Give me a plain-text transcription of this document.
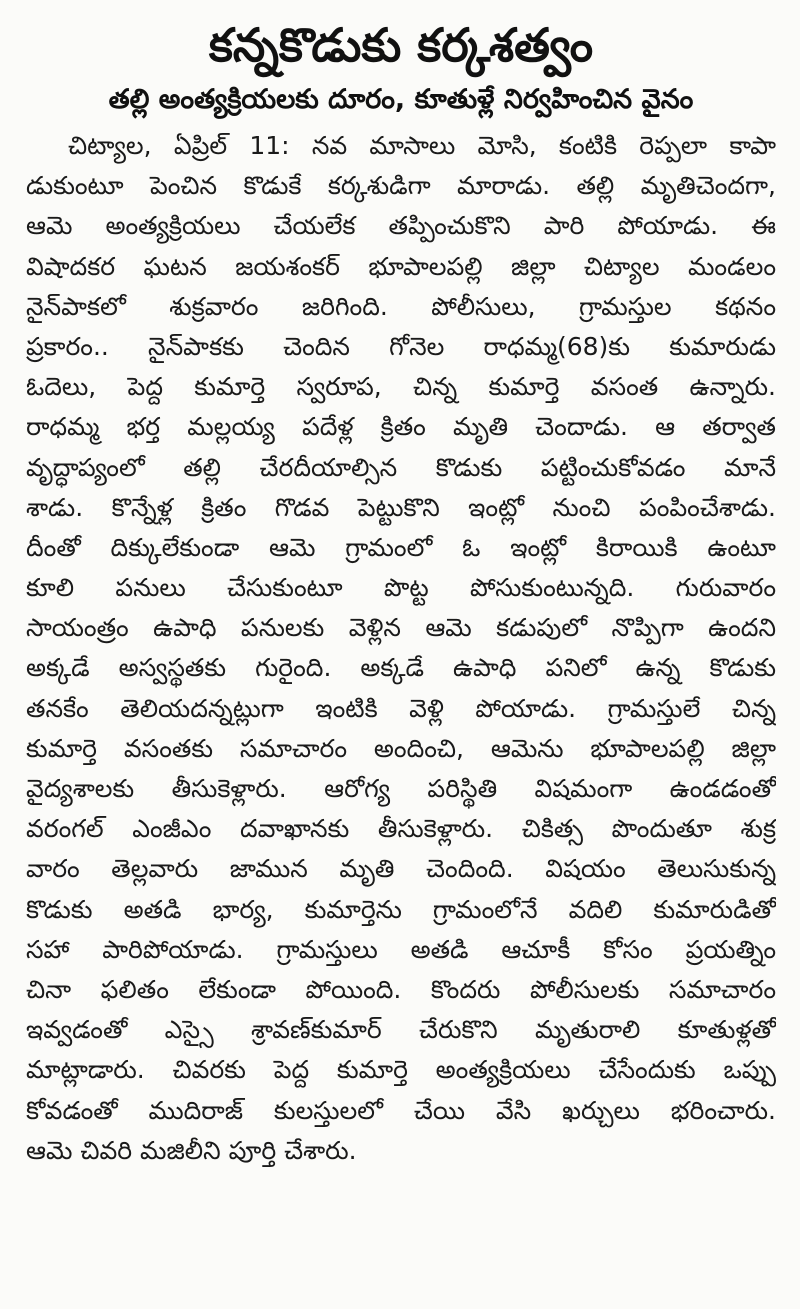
కన్నకొడుకు కర్కశత్వం
తల్లి అంత్యక్రియలకు దూరం, కూతుళ్లే నిర్వహించిన వైనం
చిట్యాల, ఏప్రిల్ 11: నవ మాసాలు మోసి, కంటికి రెప్పలా కాపా
డుకుంటూ పెంచిన కొడుకే కర్కశుడిగా మారాడు. తల్లి మృతిచెందగా,
ఆమె అంత్యక్రియలు చేయలేక తప్పించుకొని పారి పోయాడు. ఈ
విషాదకర ఘటన జయశంకర్ భూపాలపల్లి జిల్లా చిట్యాల మండలం
నైన్‌పాకలో శుక్రవారం జరిగింది. పోలీసులు, గ్రామస్తుల కథనం
ప్రకారం.. నైన్‌పాకకు చెందిన గోనెల రాధమ్మ(68)కు కుమారుడు
ఓదెలు, పెద్ద కుమార్తె స్వరూప, చిన్న కుమార్తె వసంత ఉన్నారు.
రాధమ్మ భర్త మల్లయ్య పదేళ్ల క్రితం మృతి చెందాడు. ఆ తర్వాత
వృద్ధాప్యంలో తల్లి చేరదీయాల్సిన కొడుకు పట్టించుకోవడం మానే
శాడు. కొన్నేళ్ల క్రితం గొడవ పెట్టుకొని ఇంట్లో నుంచి పంపించేశాడు.
దీంతో దిక్కులేకుండా ఆమె గ్రామంలో ఓ ఇంట్లో కిరాయికి ఉంటూ
కూలి పనులు చేసుకుంటూ పొట్ట పోసుకుంటున్నది. గురువారం
సాయంత్రం ఉపాధి పనులకు వెళ్లిన ఆమె కడుపులో నొప్పిగా ఉందని
అక్కడే అస్వస్థతకు గురైంది. అక్కడే ఉపాధి పనిలో ఉన్న కొడుకు
తనకేం తెలియదన్నట్లుగా ఇంటికి వెళ్లి పోయాడు. గ్రామస్తులే చిన్న
కుమార్తె వసంతకు సమాచారం అందించి, ఆమెను భూపాలపల్లి జిల్లా
వైద్యశాలకు తీసుకెళ్లారు. ఆరోగ్య పరిస్థితి విషమంగా ఉండడంతో
వరంగల్ ఎంజీఎం దవాఖానకు తీసుకెళ్లారు. చికిత్స పొందుతూ శుక్ర
వారం తెల్లవారు జామున మృతి చెందింది. విషయం తెలుసుకున్న
కొడుకు అతడి భార్య, కుమార్తెను గ్రామంలోనే వదిలి కుమారుడితో
సహా పారిపోయాడు. గ్రామస్తులు అతడి ఆచూకీ కోసం ప్రయత్నిం
చినా ఫలితం లేకుండా పోయింది. కొందరు పోలీసులకు సమాచారం
ఇవ్వడంతో ఎస్సై శ్రావణ్‌కుమార్ చేరుకొని మృతురాలి కూతుళ్లతో
మాట్లాడారు. చివరకు పెద్ద కుమార్తె అంత్యక్రియలు చేసేందుకు ఒప్పు
కోవడంతో ముదిరాజ్ కులస్తులలో చేయి వేసి ఖర్చులు భరించారు.
ఆమె చివరి మజిలీని పూర్తి చేశారు.
